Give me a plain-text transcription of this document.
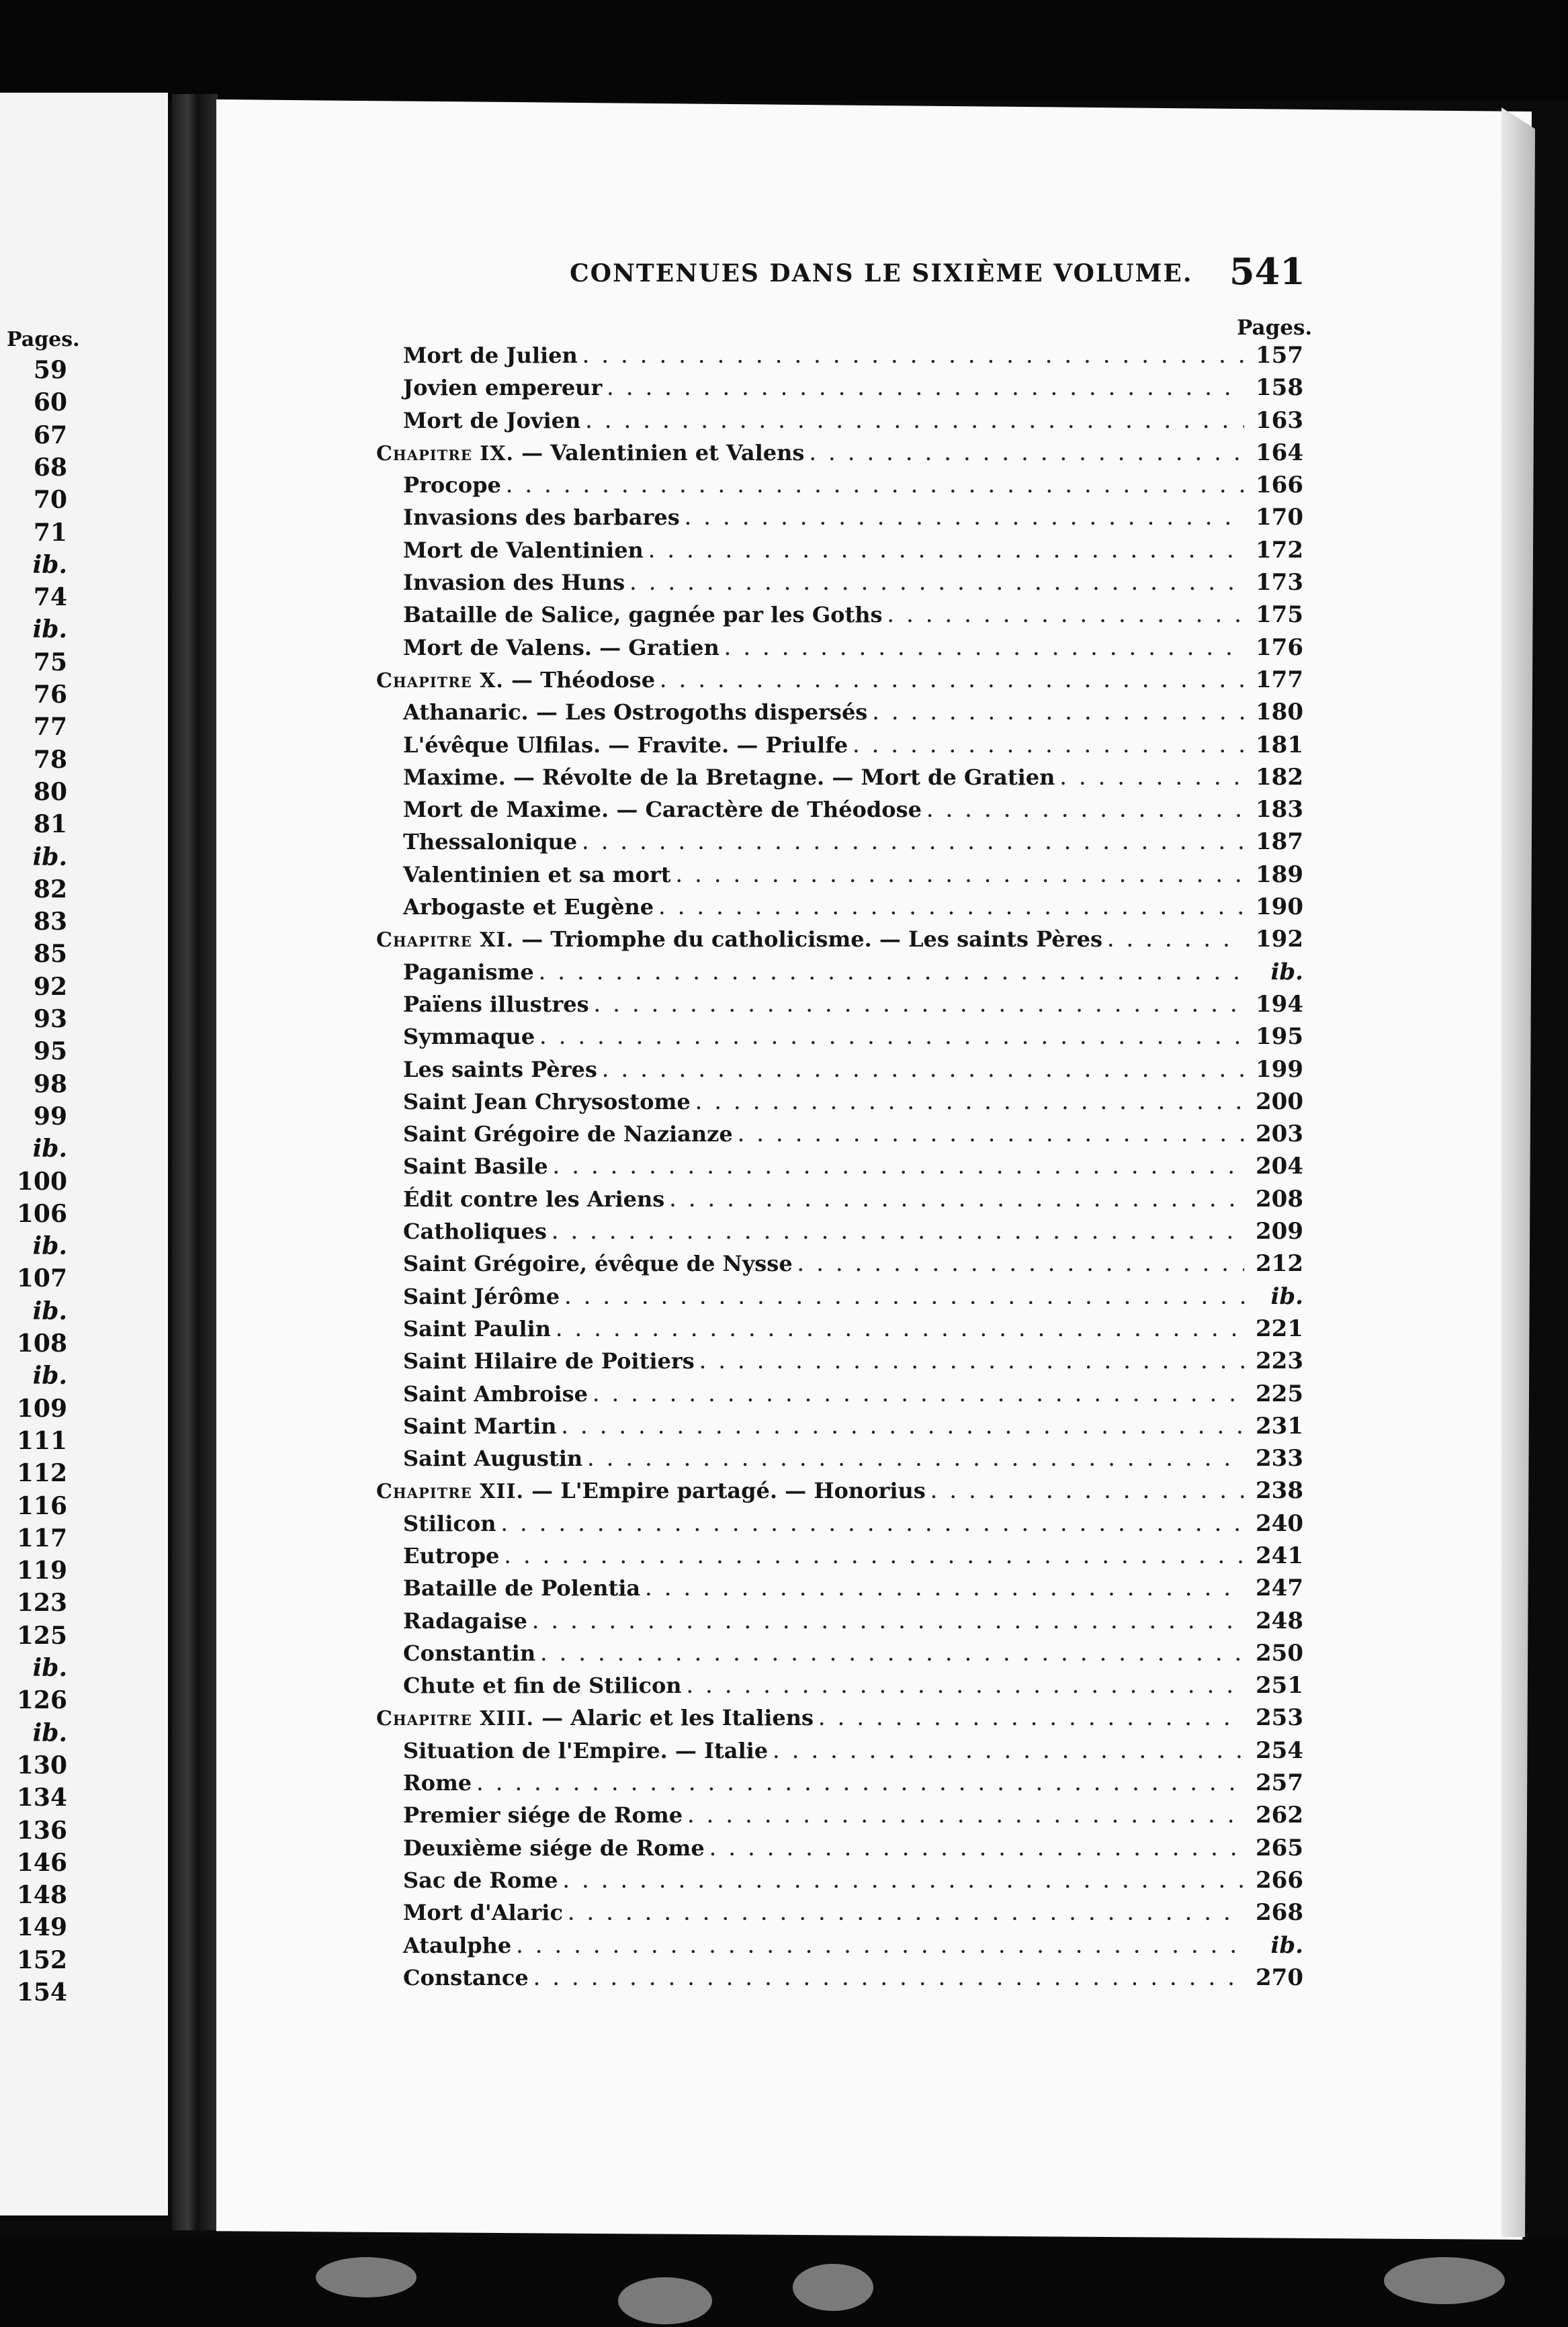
Pages.
59
60
67
68
70
71
ib.
74
ib.
75
76
77
78
80
81
ib.
82
83
85
92
93
95
98
99
ib.
100
106
ib.
107
ib.
108
ib.
109
111
112
116
117
119
123
125
ib.
126
ib.
130
134
136
146
148
149
152
154
CONTENUES DANS LE SIXIÈME VOLUME. 541
Pages.
Mort de Julien . . .	157
Jovien empereur . . .	158
Mort de Jovien . . .	163
Chapitre IX. — Valentinien et Valens . . .	164
Procope . . .	166
Invasions des barbares . . .	170
Mort de Valentinien . . .	172
Invasion des Huns . . .	173
Bataille de Salice, gagnée par les Goths . . .	175
Mort de Valens. — Gratien . . .	176
Chapitre X. — Théodose . . .	177
Athanaric. — Les Ostrogoths dispersés . . .	180
L'évêque Ulfilas. — Fravite. — Priulfe . . .	181
Maxime. — Révolte de la Bretagne. — Mort de Gratien . . .	182
Mort de Maxime. — Caractère de Théodose . . .	183
Thessalonique . . .	187
Valentinien et sa mort . . .	189
Arbogaste et Eugène . . .	190
Chapitre XI. — Triomphe du catholicisme. — Les saints Pères . . .	192
Paganisme . . .	ib.
Païens illustres . . .	194
Symmaque . . .	195
Les saints Pères . . .	199
Saint Jean Chrysostome . . .	200
Saint Grégoire de Nazianze . . .	203
Saint Basile . . .	204
Édit contre les Ariens . . .	208
Catholiques . . .	209
Saint Grégoire, évêque de Nysse . . .	212
Saint Jérôme . . .	ib.
Saint Paulin . . .	221
Saint Hilaire de Poitiers . . .	223
Saint Ambroise . . .	225
Saint Martin . . .	231
Saint Augustin . . .	233
Chapitre XII. — L'Empire partagé. — Honorius . . .	238
Stilicon . . .	240
Eutrope . . .	241
Bataille de Polentia . . .	247
Radagaise . . .	248
Constantin . . .	250
Chute et fin de Stilicon . . .	251
Chapitre XIII. — Alaric et les Italiens . . .	253
Situation de l'Empire. — Italie . . .	254
Rome . . .	257
Premier siége de Rome . . .	262
Deuxième siége de Rome . . .	265
Sac de Rome . . .	266
Mort d'Alaric . . .	268
Ataulphe . . .	ib.
Constance . . .	270
